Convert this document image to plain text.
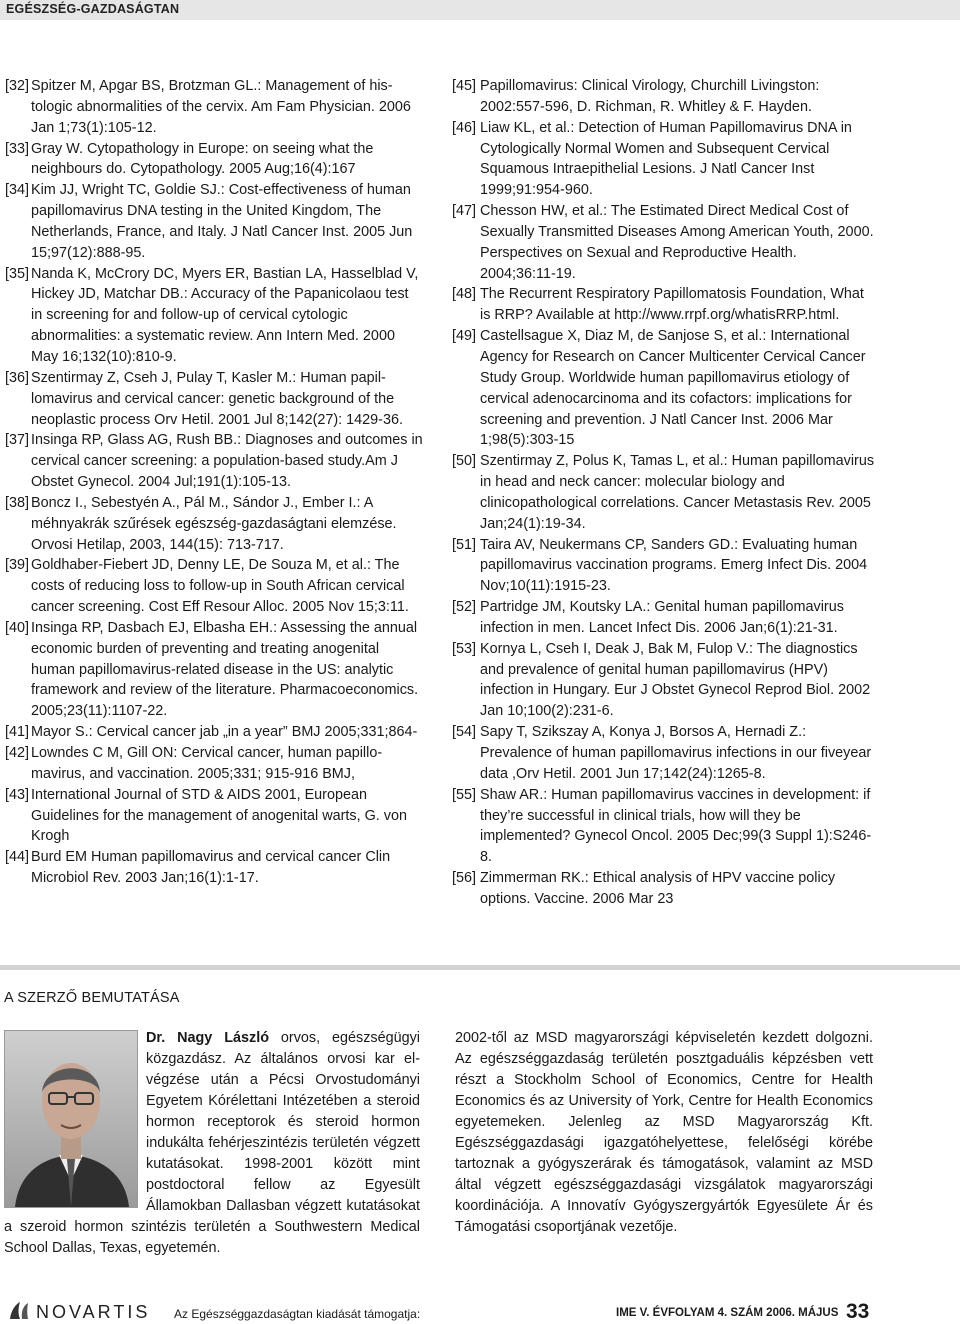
EGÉSZSÉG-GAZDASÁGTAN
[32] Spitzer M, Apgar BS, Brotzman GL.: Management of histologic abnormalities of the cervix. Am Fam Physician. 2006 Jan 1;73(1):105-12.
[33] Gray W. Cytopathology in Europe: on seeing what the neighbours do. Cytopathology. 2005 Aug;16(4):167
[34] Kim JJ, Wright TC, Goldie SJ.: Cost-effectiveness of human papillomavirus DNA testing in the United Kingdom, The Netherlands, France, and Italy. J Natl Cancer Inst. 2005 Jun 15;97(12):888-95.
[35] Nanda K, McCrory DC, Myers ER, Bastian LA, Hasselblad V, Hickey JD, Matchar DB.: Accuracy of the Papanicolaou test in screening for and follow-up of cervical cytologic abnormalities: a systematic review. Ann Intern Med. 2000 May 16;132(10):810-9.
[36] Szentirmay Z, Cseh J, Pulay T, Kasler M.: Human papillomavirus and cervical cancer: genetic background of the neoplastic process Orv Hetil. 2001 Jul 8;142(27): 1429-36.
[37] Insinga RP, Glass AG, Rush BB.: Diagnoses and outcomes in cervical cancer screening: a population-based study.Am J Obstet Gynecol. 2004 Jul;191(1):105-13.
[38] Boncz I., Sebestyén A., Pál M., Sándor J., Ember I.: A méhnyakrák szűrések egészség-gazdaságtani elemzése. Orvosi Hetilap, 2003, 144(15): 713-717.
[39] Goldhaber-Fiebert JD, Denny LE, De Souza M, et al.: The costs of reducing loss to follow-up in South African cervical cancer screening. Cost Eff Resour Alloc. 2005 Nov 15;3:11.
[40] Insinga RP, Dasbach EJ, Elbasha EH.: Assessing the annual economic burden of preventing and treating anogenital human papillomavirus-related disease in the US: analytic framework and review of the literature. Pharmacoeconomics. 2005;23(11):1107-22.
[41] Mayor S.: Cervical cancer jab „in a year” BMJ 2005;331;864-
[42] Lowndes C M, Gill ON: Cervical cancer, human papillomavirus, and vaccination. 2005;331; 915-916 BMJ,
[43] International Journal of STD & AIDS 2001, European Guidelines for the management of anogenital warts, G. von Krogh
[44] Burd EM Human papillomavirus and cervical cancer Clin Microbiol Rev. 2003 Jan;16(1):1-17.
[45] Papillomavirus: Clinical Virology, Churchill Livingston: 2002:557-596, D. Richman, R. Whitley & F. Hayden.
[46] Liaw KL, et al.: Detection of Human Papillomavirus DNA in Cytologically Normal Women and Subsequent Cervical Squamous Intraepithelial Lesions. J Natl Cancer Inst 1999;91:954-960.
[47] Chesson HW, et al.: The Estimated Direct Medical Cost of Sexually Transmitted Diseases Among American Youth, 2000. Perspectives on Sexual and Reproductive Health. 2004;36:11-19.
[48] The Recurrent Respiratory Papillomatosis Foundation, What is RRP? Available at http://www.rrpf.org/whatisRRP.html.
[49] Castellsague X, Diaz M, de Sanjose S, et al.: International Agency for Research on Cancer Multicenter Cervical Cancer Study Group. Worldwide human papillomavirus etiology of cervical adenocarcinoma and its cofactors: implications for screening and prevention. J Natl Cancer Inst. 2006 Mar 1;98(5):303-15
[50] Szentirmay Z, Polus K, Tamas L, et al.: Human papillomavirus in head and neck cancer: molecular biology and clinicopathological correlations. Cancer Metastasis Rev. 2005 Jan;24(1):19-34.
[51] Taira AV, Neukermans CP, Sanders GD.: Evaluating human papillomavirus vaccination programs. Emerg Infect Dis. 2004 Nov;10(11):1915-23.
[52] Partridge JM, Koutsky LA.: Genital human papillomavirus infection in men. Lancet Infect Dis. 2006 Jan;6(1):21-31.
[53] Kornya L, Cseh I, Deak J, Bak M, Fulop V.: The diagnostics and prevalence of genital human papillomavirus (HPV) infection in Hungary. Eur J Obstet Gynecol Reprod Biol. 2002 Jan 10;100(2):231-6.
[54] Sapy T, Szikszay A, Konya J, Borsos A, Hernadi Z.: Prevalence of human papillomavirus infections in our fiveyear data ,Orv Hetil. 2001 Jun 17;142(24):1265-8.
[55] Shaw AR.: Human papillomavirus vaccines in development: if they’re successful in clinical trials, how will they be implemented? Gynecol Oncol. 2005 Dec;99(3 Suppl 1):S246-8.
[56] Zimmerman RK.: Ethical analysis of HPV vaccine policy options. Vaccine. 2006 Mar 23
A SZERZŐ BEMUTATÁSA

Dr. Nagy László orvos, egészségügyi közgazdász. Az általános orvosi kar elvégzése után a Pécsi Orvostudományi Egyetem Kórélettani Intézetében a steroid hormon receptorok és steroid hormon indukálta fehérjeszintézis területén végzett kutatásokat. 1998-2001 között mint postdoctoral fellow az Egyesült Államokban Dallasban végzett kutatásokat a szeroid hormon szintézis területén a Southwestern Medical School Dallas, Texas, egyetemén.

2002-től az MSD magyarországi képviseletén kezdett dolgozni. Az egészséggazdaság területén posztgaduális képzésben vett részt a Stockholm School of Economics, Centre for Health Economics és az University of York, Centre for Health Economics egyetemeken. Jelenleg az MSD Magyarország Kft. Egészséggazdasági igazgatóhelyettese, felelőségi körébe tartoznak a gyógyszerárak és támogatások, valamint az MSD által végzett egészséggazdasági vizsgálatok magyarországi koordinációja. A Innovatív Gyógyszergyártók Egyesülete Ár és Támogatási csoportjának vezetője.

NOVARTIS Az Egészséggazdaságtan kiadását támogatja:	IME V. ÉVFOLYAM 4. SZÁM 2006. MÁJUS 33
